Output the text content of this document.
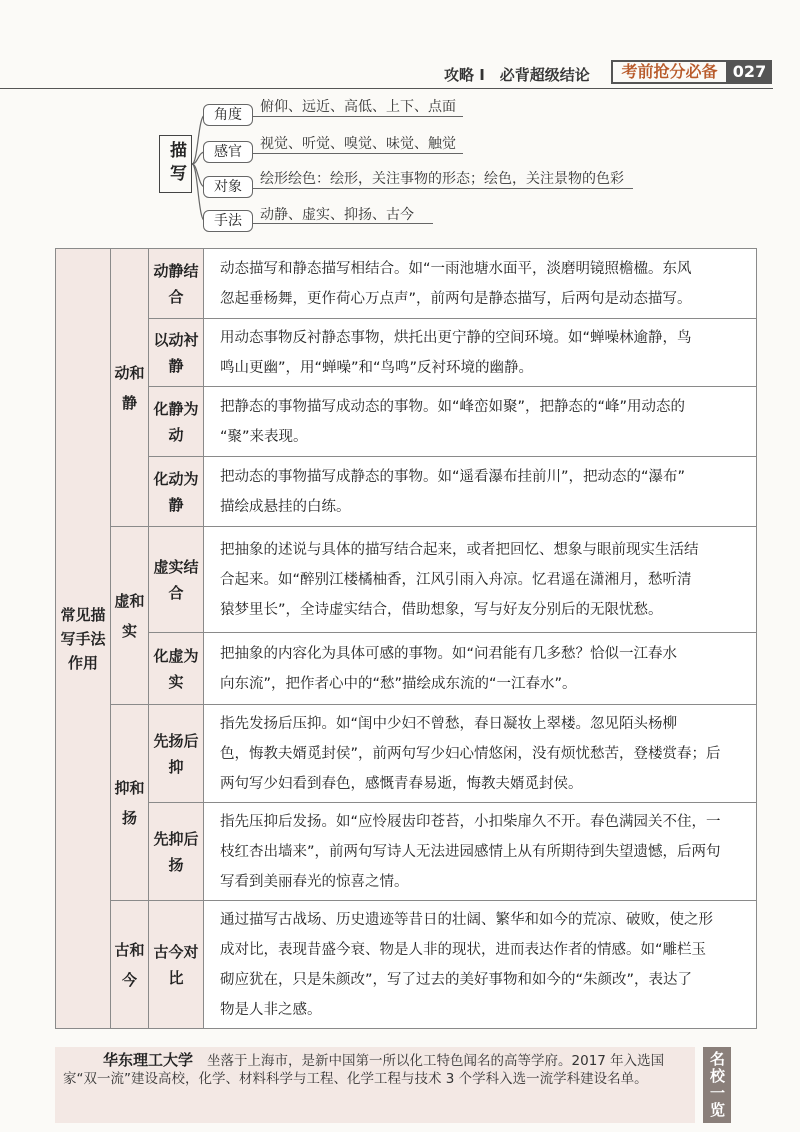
攻略 I　必背超级结论	考前抢分必备 027
描写
角度	俯仰、远近、高低、上下、点面
感官	视觉、听觉、嗅觉、味觉、触觉
对象	绘形绘色：绘形，关注事物的形态；绘色，关注景物的色彩
手法	动静、虚实、抑扬、古今
常见描写手法作用	动和静	动静结合	动态描写和静态描写相结合。如“一雨池塘水面平，淡磨明镜照檐楹。东风
忽起垂杨舞，更作荷心万点声”，前两句是静态描写，后两句是动态描写。

		以动衬静	用动态事物反衬静态事物，烘托出更宁静的空间环境。如“蝉噪林逾静，鸟
鸣山更幽”，用“蝉噪”和“鸟鸣”反衬环境的幽静。

		化静为动	把静态的事物描写成动态的事物。如“峰峦如聚”，把静态的“峰”用动态的
“聚”来表现。

		化动为静	把动态的事物描写成静态的事物。如“遥看瀑布挂前川”，把动态的“瀑布”
描绘成悬挂的白练。

	虚和实	虚实结合	把抽象的述说与具体的描写结合起来，或者把回忆、想象与眼前现实生活结
合起来。如“醉别江楼橘柚香，江风引雨入舟凉。忆君遥在潇湘月，愁听清
猿梦里长”，全诗虚实结合，借助想象，写与好友分别后的无限忧愁。

		化虚为实	把抽象的内容化为具体可感的事物。如“问君能有几多愁？恰似一江春水
向东流”，把作者心中的“愁”描绘成东流的“一江春水”。

	抑和扬	先扬后抑	指先发扬后压抑。如“闺中少妇不曾愁，春日凝妆上翠楼。忽见陌头杨柳
色，悔教夫婿觅封侯”，前两句写少妇心情悠闲，没有烦忧愁苦，登楼赏春；后
两句写少妇看到春色，感慨青春易逝，悔教夫婿觅封侯。

		先抑后扬	指先压抑后发扬。如“应怜屐齿印苍苔，小扣柴扉久不开。春色满园关不住，一
枝红杏出墙来”，前两句写诗人无法进园感情上从有所期待到失望遗憾，后两句
写看到美丽春光的惊喜之情。

	古和今	古今对比	通过描写古战场、历史遗迹等昔日的壮阔、繁华和如今的荒凉、破败，使之形
成对比，表现昔盛今衰、物是人非的现状，进而表达作者的情感。如“雕栏玉
砌应犹在，只是朱颜改”，写了过去的美好事物和如今的“朱颜改”，表达了
物是人非之感。
华东理工大学 坐落于上海市，是新中国第一所以化工特色闻名的高等学府。2017 年入选国家“双一流”建设高校，化学、材料科学与工程、化学工程与技术 3 个学科入选一流学科建设名单。	名校一览
